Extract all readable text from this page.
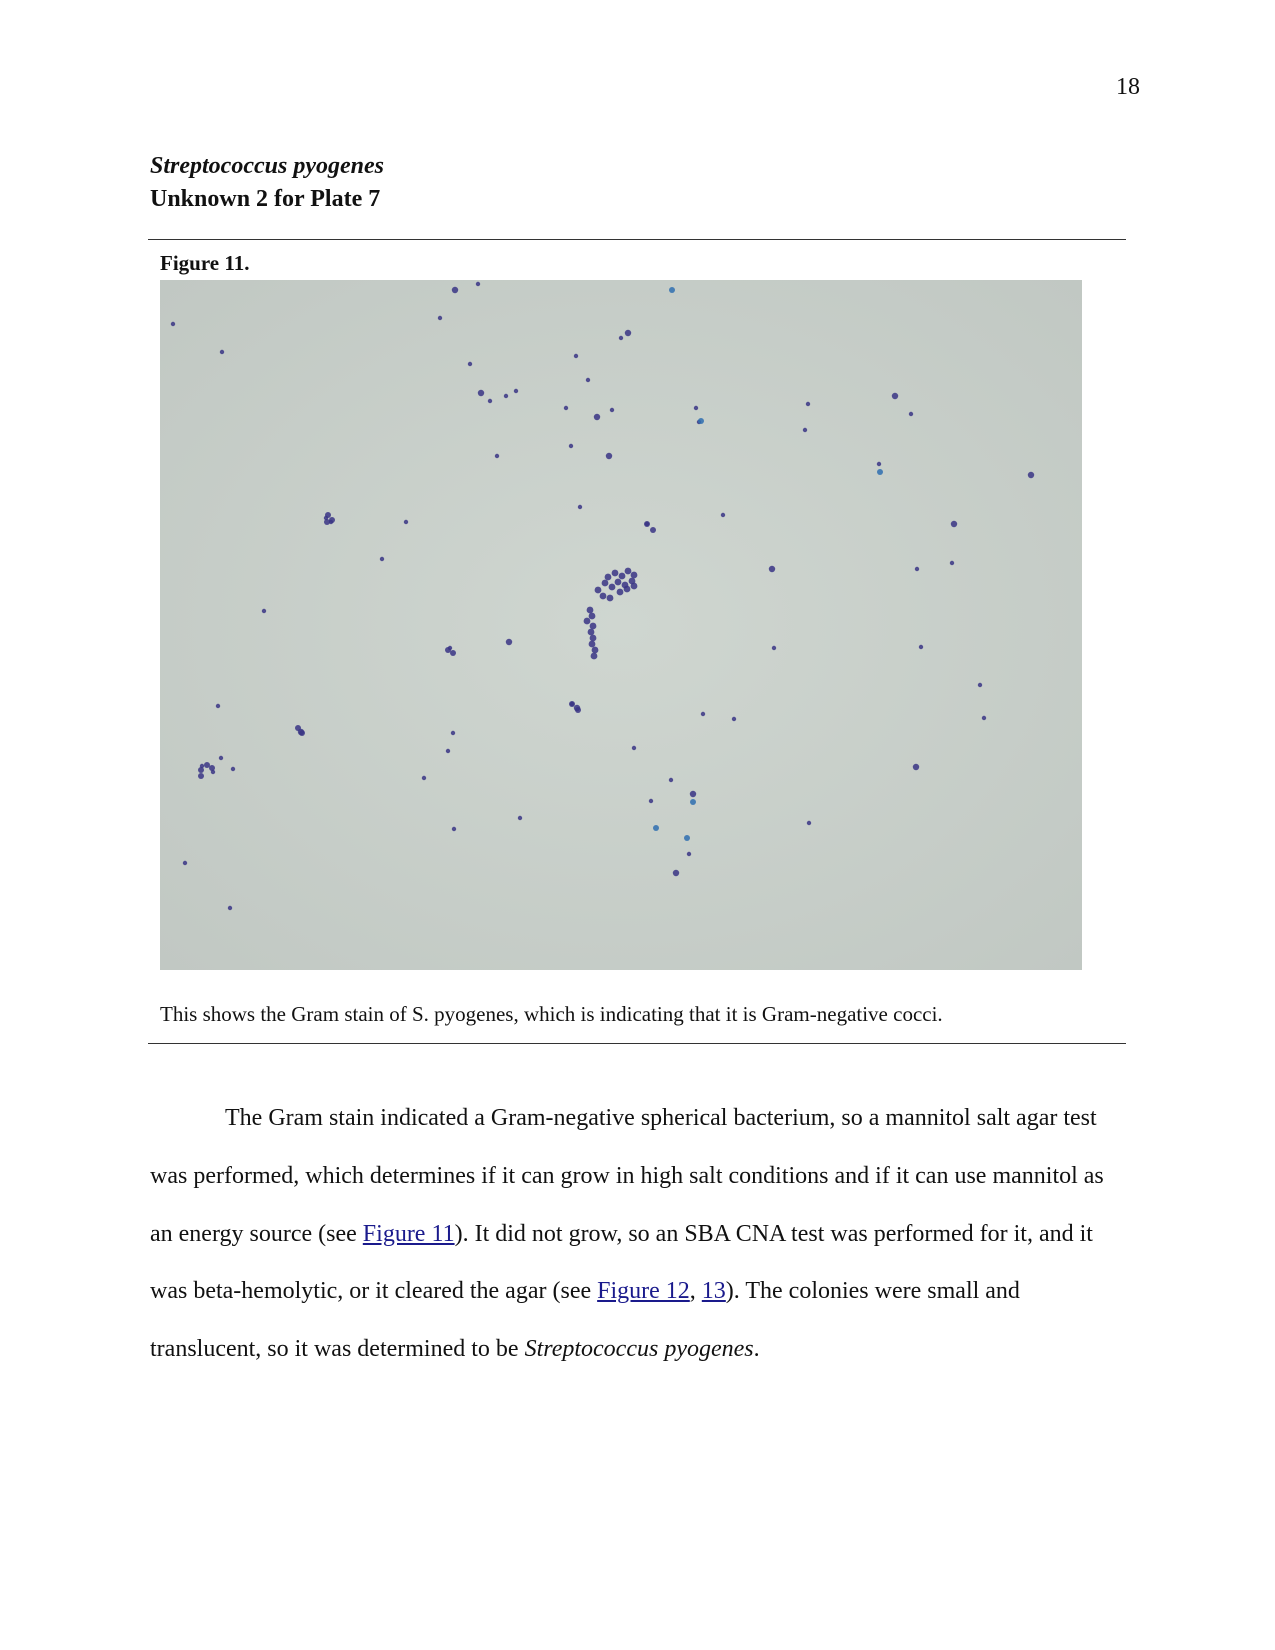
18
Streptococcus pyogenes
Unknown 2 for Plate 7
Figure 11.
This shows the Gram stain of S. pyogenes, which is indicating that it is Gram-negative cocci.

The Gram stain indicated a Gram-negative spherical bacterium, so a mannitol salt agar test was performed, which determines if it can grow in high salt conditions and if it can use mannitol as an energy source (see Figure 11). It did not grow, so an SBA CNA test was performed for it, and it was beta-hemolytic, or it cleared the agar (see Figure 12, 13). The colonies were small and translucent, so it was determined to be Streptococcus pyogenes.
